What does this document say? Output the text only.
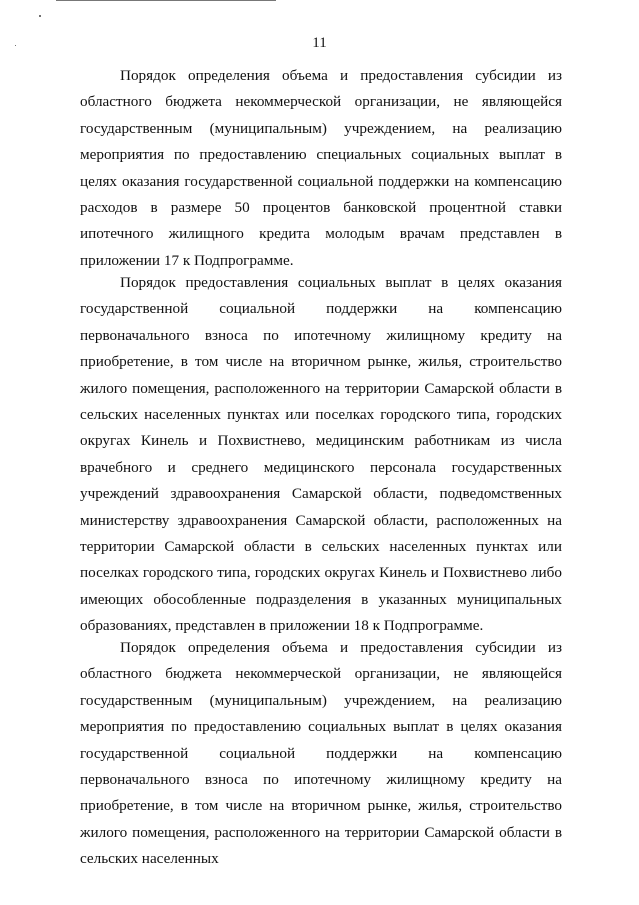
11

Порядок определения объема и предоставления субсидии из областного бюджета некоммерческой организации, не являющейся государственным (муниципальным) учреждением, на реализацию мероприятия по предоставлению специальных социальных выплат в целях оказания государственной социальной поддержки на компенсацию расходов в размере 50 процентов банковской процентной ставки ипотечного жилищного кредита молодым врачам представлен в приложении 17 к Подпрограмме.

Порядок предоставления социальных выплат в целях оказания государственной социальной поддержки на компенсацию первоначального взноса по ипотечному жилищному кредиту на приобретение, в том числе на вторичном рынке, жилья, строительство жилого помещения, расположенного на территории Самарской области в сельских населенных пунктах или поселках городского типа, городских округах Кинель и Похвистнево, медицинским работникам из числа врачебного и среднего медицинского персонала государственных учреждений здравоохранения Самарской области, подведомственных министерству здравоохранения Самарской области, расположенных на территории Самарской области в сельских населенных пунктах или поселках городского типа, городских округах Кинель и Похвистнево либо имеющих обособленные подразделения в указанных муниципальных образованиях, представлен в приложении 18 к Подпрограмме.

Порядок определения объема и предоставления субсидии из областного бюджета некоммерческой организации, не являющейся государственным (муниципальным) учреждением, на реализацию мероприятия по предоставлению социальных выплат в целях оказания государственной социальной поддержки на компенсацию первоначального взноса по ипотечному жилищному кредиту на приобретение, в том числе на вторичном рынке, жилья, строительство жилого помещения, расположенного на территории Самарской области в сельских населенных
